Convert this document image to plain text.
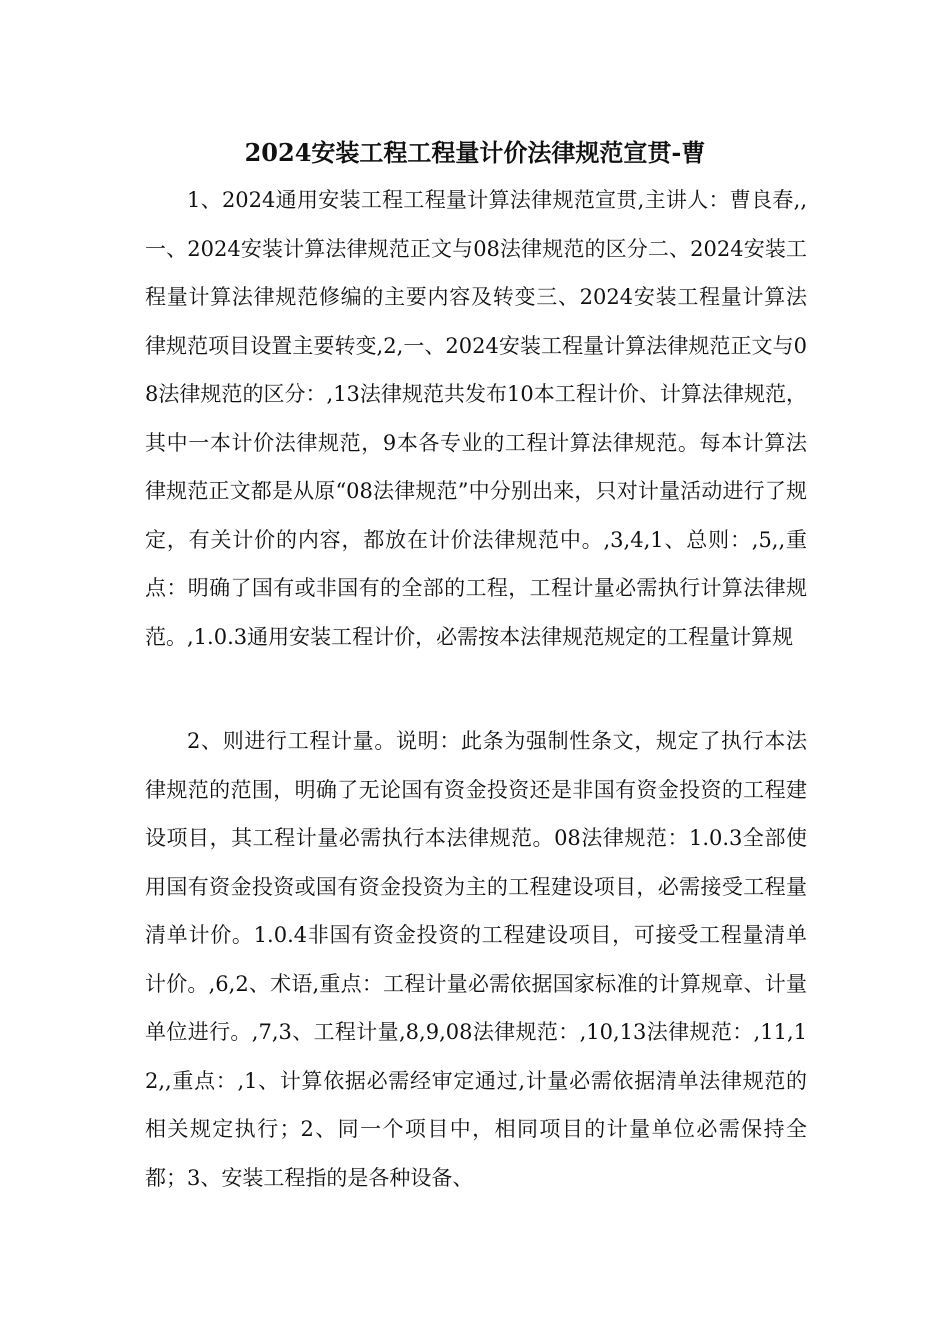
2024安装工程工程量计价法律规范宣贯-曹

1、2024通用安装工程工程量计算法律规范宣贯,主讲人：曹良春,,一、2024安装计算法律规范正文与08法律规范的区分二、2024安装工程量计算法律规范修编的主要内容及转变三、2024安装工程量计算法律规范项目设置主要转变,2,一、2024安装工程量计算法律规范正文与08法律规范的区分：,13法律规范共发布10本工程计价、计算法律规范，其中一本计价法律规范，9本各专业的工程计算法律规范。每本计算法律规范正文都是从原“08法律规范”中分别出来，只对计量活动进行了规定，有关计价的内容，都放在计价法律规范中。,3,4,1、总则：,5,,重点：明确了国有或非国有的全部的工程，工程计量必需执行计算法律规范。,1.0.3通用安装工程计价，必需按本法律规范规定的工程量计算规

2、则进行工程计量。说明：此条为强制性条文，规定了执行本法律规范的范围，明确了无论国有资金投资还是非国有资金投资的工程建设项目，其工程计量必需执行本法律规范。08法律规范：1.0.3全部使用国有资金投资或国有资金投资为主的工程建设项目，必需接受工程量清单计价。1.0.4非国有资金投资的工程建设项目，可接受工程量清单计价。,6,2、术语,重点：工程计量必需依据国家标准的计算规章、计量单位进行。,7,3、工程计量,8,9,08法律规范：,10,13法律规范：,11,12,,重点：,1、计算依据必需经审定通过,计量必需依据清单法律规范的相关规定执行；2、同一个项目中，相同项目的计量单位必需保持全都；3、安装工程指的是各种设备、
